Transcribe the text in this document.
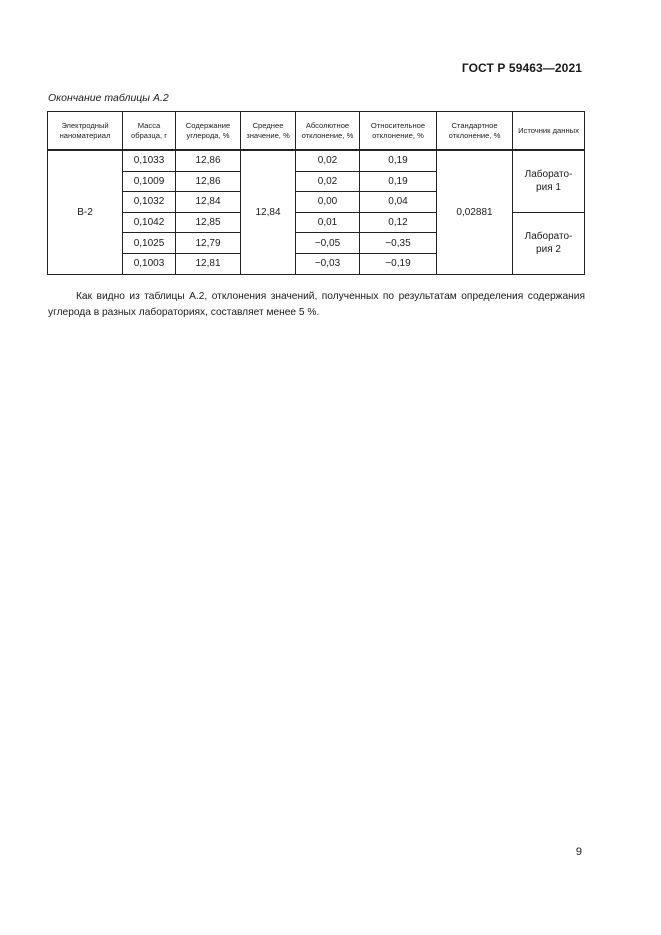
ГОСТ Р 59463—2021
Окончание таблицы А.2
Электродный наноматериал	Масса образца, г	Содержание углерода, %	Среднее значение, %	Абсолютное отклонение, %	Относительное отклонение, %	Стандартное отклонение, %	Источник данных
В-2	0,1033	12,86	12,84	0,02	0,19	0,02881	Лаборато-
рия 1
	0,1009	12,86		0,02	0,19		
	0,1032	12,84		0,00	0,04		
	0,1042	12,85		0,01	0,12		Лаборато-
рия 2
	0,1025	12,79		−0,05	−0,35		
	0,1003	12,81		−0,03	−0,19		

Как видно из таблицы А.2, отклонения значений, полученных по результатам определения содержания углерода в разных лабораториях, составляет менее 5 %.

9
